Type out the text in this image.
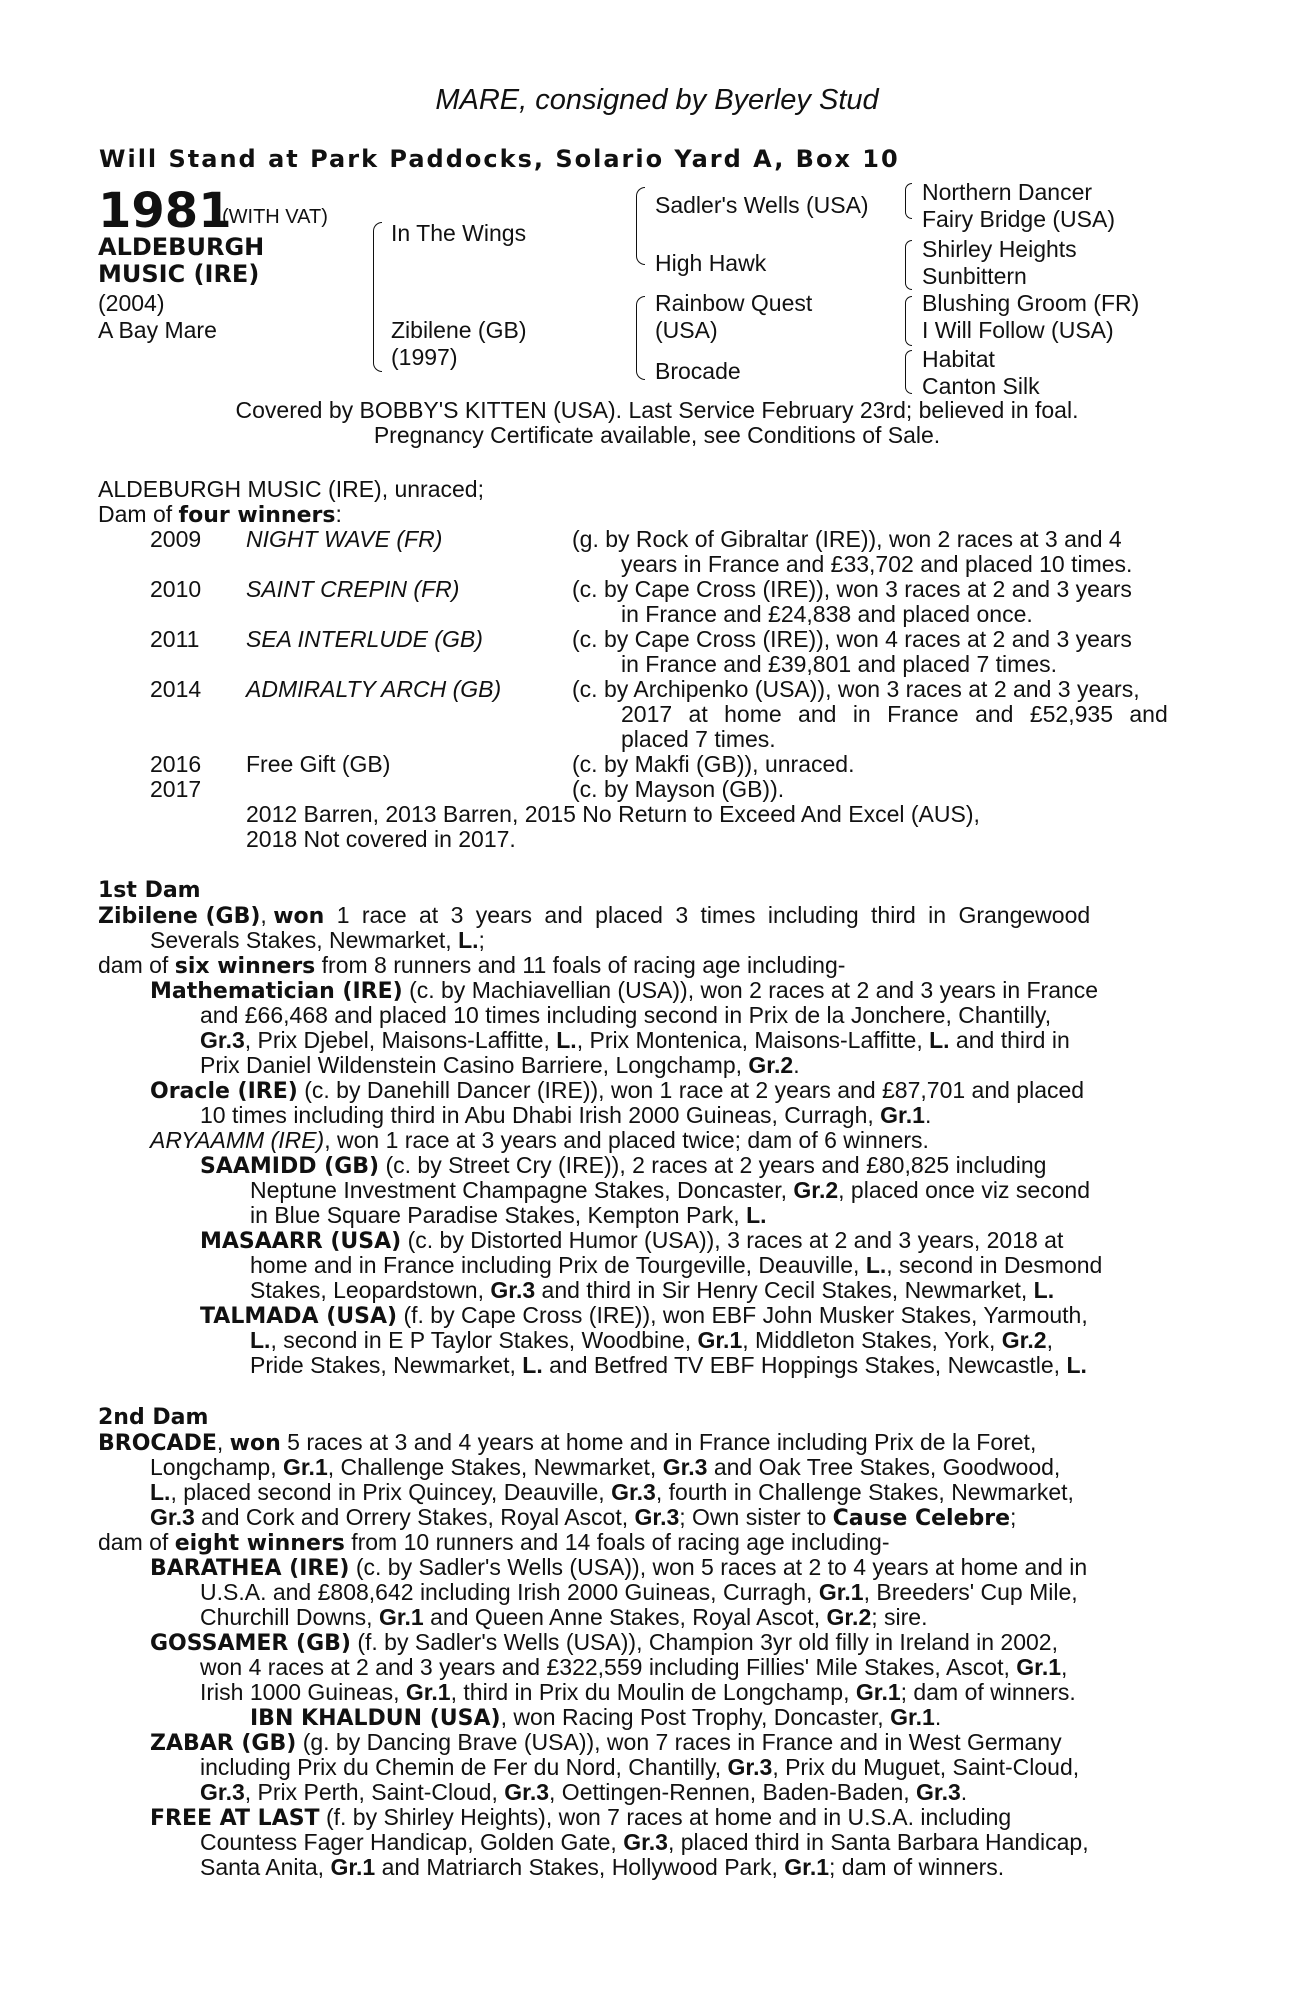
MARE, consigned by Byerley Stud
Will Stand at Park Paddocks, Solario Yard A, Box 10
1981
(WITH VAT)
ALDEBURGH
MUSIC (IRE)
(2004)
A Bay Mare
In The Wings
Zibilene (GB)
(1997)
Sadler's Wells (USA)
High Hawk
Rainbow Quest
(USA)
Brocade
Northern Dancer
Fairy Bridge (USA)
Shirley Heights
Sunbittern
Blushing Groom (FR)
I Will Follow (USA)
Habitat
Canton Silk
Covered by BOBBY'S KITTEN (USA). Last Service February 23rd; believed in foal.
Pregnancy Certificate available, see Conditions of Sale.
ALDEBURGH MUSIC (IRE), unraced;
Dam of four winners:
2009 NIGHT WAVE (FR)	(g. by Rock of Gibraltar (IRE)), won 2 races at 3 and 4
years in France and £33,702 and placed 10 times.
2010 SAINT CREPIN (FR)	(c. by Cape Cross (IRE)), won 3 races at 2 and 3 years
in France and £24,838 and placed once.
2011 SEA INTERLUDE (GB)	(c. by Cape Cross (IRE)), won 4 races at 2 and 3 years
in France and £39,801 and placed 7 times.
2014 ADMIRALTY ARCH (GB)	(c. by Archipenko (USA)), won 3 races at 2 and 3 years,
2017 at home and in France and £52,935 and
placed 7 times.
2016 Free Gift (GB)	(c. by Makfi (GB)), unraced.
2017	(c. by Mayson (GB)).
2012 Barren, 2013 Barren, 2015 No Return to Exceed And Excel (AUS),
2018 Not covered in 2017.
1st Dam
Zibilene (GB), won 1 race at 3 years and placed 3 times including third in Grangewood
Severals Stakes, Newmarket, L.;
dam of six winners from 8 runners and 11 foals of racing age including-
Mathematician (IRE) (c. by Machiavellian (USA)), won 2 races at 2 and 3 years in France
and £66,468 and placed 10 times including second in Prix de la Jonchere, Chantilly,
Gr.3, Prix Djebel, Maisons-Laffitte, L., Prix Montenica, Maisons-Laffitte, L. and third in
Prix Daniel Wildenstein Casino Barriere, Longchamp, Gr.2.
Oracle (IRE) (c. by Danehill Dancer (IRE)), won 1 race at 2 years and £87,701 and placed
10 times including third in Abu Dhabi Irish 2000 Guineas, Curragh, Gr.1.
ARYAAMM (IRE), won 1 race at 3 years and placed twice; dam of 6 winners.
SAAMIDD (GB) (c. by Street Cry (IRE)), 2 races at 2 years and £80,825 including
Neptune Investment Champagne Stakes, Doncaster, Gr.2, placed once viz second
in Blue Square Paradise Stakes, Kempton Park, L.
MASAARR (USA) (c. by Distorted Humor (USA)), 3 races at 2 and 3 years, 2018 at
home and in France including Prix de Tourgeville, Deauville, L., second in Desmond
Stakes, Leopardstown, Gr.3 and third in Sir Henry Cecil Stakes, Newmarket, L.
TALMADA (USA) (f. by Cape Cross (IRE)), won EBF John Musker Stakes, Yarmouth,
L., second in E P Taylor Stakes, Woodbine, Gr.1, Middleton Stakes, York, Gr.2,
Pride Stakes, Newmarket, L. and Betfred TV EBF Hoppings Stakes, Newcastle, L.
2nd Dam
BROCADE, won 5 races at 3 and 4 years at home and in France including Prix de la Foret,
Longchamp, Gr.1, Challenge Stakes, Newmarket, Gr.3 and Oak Tree Stakes, Goodwood,
L., placed second in Prix Quincey, Deauville, Gr.3, fourth in Challenge Stakes, Newmarket,
Gr.3 and Cork and Orrery Stakes, Royal Ascot, Gr.3; Own sister to Cause Celebre;
dam of eight winners from 10 runners and 14 foals of racing age including-
BARATHEA (IRE) (c. by Sadler's Wells (USA)), won 5 races at 2 to 4 years at home and in
U.S.A. and £808,642 including Irish 2000 Guineas, Curragh, Gr.1, Breeders' Cup Mile,
Churchill Downs, Gr.1 and Queen Anne Stakes, Royal Ascot, Gr.2; sire.
GOSSAMER (GB) (f. by Sadler's Wells (USA)), Champion 3yr old filly in Ireland in 2002,
won 4 races at 2 and 3 years and £322,559 including Fillies' Mile Stakes, Ascot, Gr.1,
Irish 1000 Guineas, Gr.1, third in Prix du Moulin de Longchamp, Gr.1; dam of winners.
IBN KHALDUN (USA), won Racing Post Trophy, Doncaster, Gr.1.
ZABAR (GB) (g. by Dancing Brave (USA)), won 7 races in France and in West Germany
including Prix du Chemin de Fer du Nord, Chantilly, Gr.3, Prix du Muguet, Saint-Cloud,
Gr.3, Prix Perth, Saint-Cloud, Gr.3, Oettingen-Rennen, Baden-Baden, Gr.3.
FREE AT LAST (f. by Shirley Heights), won 7 races at home and in U.S.A. including
Countess Fager Handicap, Golden Gate, Gr.3, placed third in Santa Barbara Handicap,
Santa Anita, Gr.1 and Matriarch Stakes, Hollywood Park, Gr.1; dam of winners.
